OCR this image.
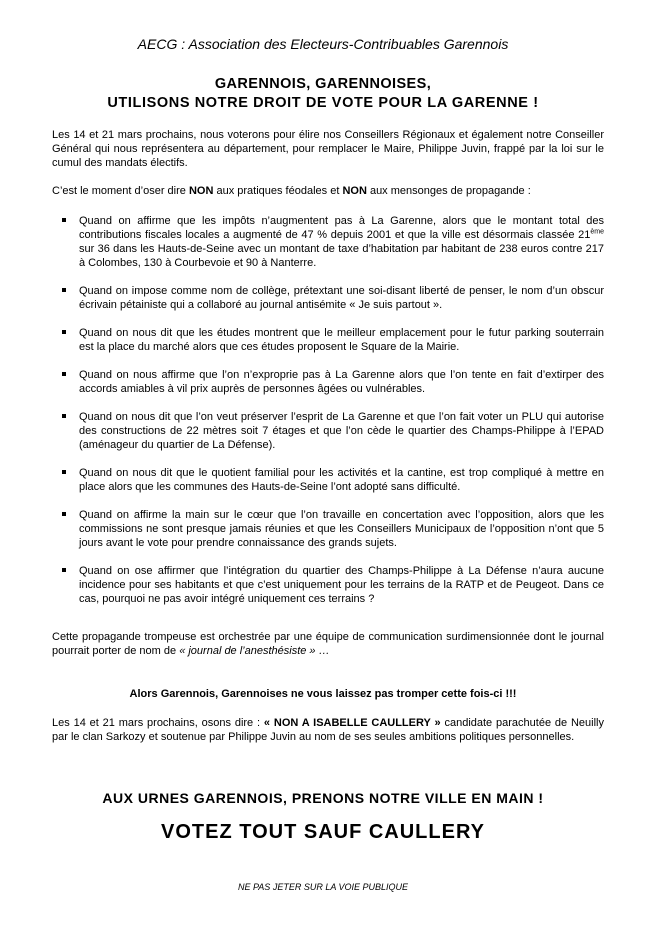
AECG : Association des Electeurs-Contribuables Garennois
GARENNOIS, GARENNOISES,
UTILISONS NOTRE DROIT DE VOTE POUR LA GARENNE !
Les 14 et 21 mars prochains, nous voterons pour élire nos Conseillers Régionaux et également notre Conseiller Général qui nous représentera au département, pour remplacer le Maire, Philippe Juvin, frappé par la loi sur le cumul des mandats électifs.
C’est le moment d’oser dire NON aux pratiques féodales et NON aux mensonges de propagande :
Quand on affirme que les impôts n’augmentent pas à La Garenne, alors que le montant total des contributions fiscales locales a augmenté de 47 % depuis 2001 et que la ville est désormais classée 21ème sur 36 dans les Hauts-de-Seine avec un montant de taxe d’habitation par habitant de 238 euros contre 217 à Colombes, 130 à Courbevoie et 90 à Nanterre.
Quand on impose comme nom de collège, prétextant une soi-disant liberté de penser, le nom d’un obscur écrivain pétainiste qui a collaboré au journal antisémite « Je suis partout ».
Quand on nous dit que les études montrent que le meilleur emplacement pour le futur parking souterrain est la place du marché alors que ces études proposent le Square de la Mairie.
Quand on nous affirme que l’on n’exproprie pas à La Garenne alors que l’on tente en fait d’extirper des accords amiables à vil prix auprès de personnes âgées ou vulnérables.
Quand on nous dit que l’on veut préserver l’esprit de La Garenne et que l’on fait voter un PLU qui autorise des constructions de 22 mètres soit 7 étages et que l’on cède le quartier des Champs-Philippe à l’EPAD (aménageur du quartier de La Défense).
Quand on nous dit que le quotient familial pour les activités et la cantine, est trop compliqué à mettre en place alors que les communes des Hauts-de-Seine l’ont adopté sans difficulté.
Quand on affirme la main sur le cœur que l’on travaille en concertation avec l’opposition, alors que les commissions ne sont presque jamais réunies et que les Conseillers Municipaux de l’opposition n’ont que 5 jours avant le vote pour prendre connaissance des grands sujets.
Quand on ose affirmer que l’intégration du quartier des Champs-Philippe à La Défense n’aura aucune incidence pour ses habitants et que c’est uniquement pour les terrains de la RATP et de Peugeot. Dans ce cas, pourquoi ne pas avoir intégré uniquement ces terrains ?
Cette propagande trompeuse est orchestrée par une équipe de communication surdimensionnée dont le journal pourrait porter de nom de « journal de l’anesthésiste » …
Alors Garennois, Garennoises ne vous laissez pas tromper cette fois-ci !!!
Les 14 et 21 mars prochains, osons dire : « NON A ISABELLE CAULLERY » candidate parachutée de Neuilly par le clan Sarkozy et soutenue par Philippe Juvin au nom de ses seules ambitions politiques personnelles.
AUX URNES GARENNOIS, PRENONS NOTRE VILLE EN MAIN !
VOTEZ TOUT SAUF CAULLERY
NE PAS JETER SUR LA VOIE PUBLIQUE
